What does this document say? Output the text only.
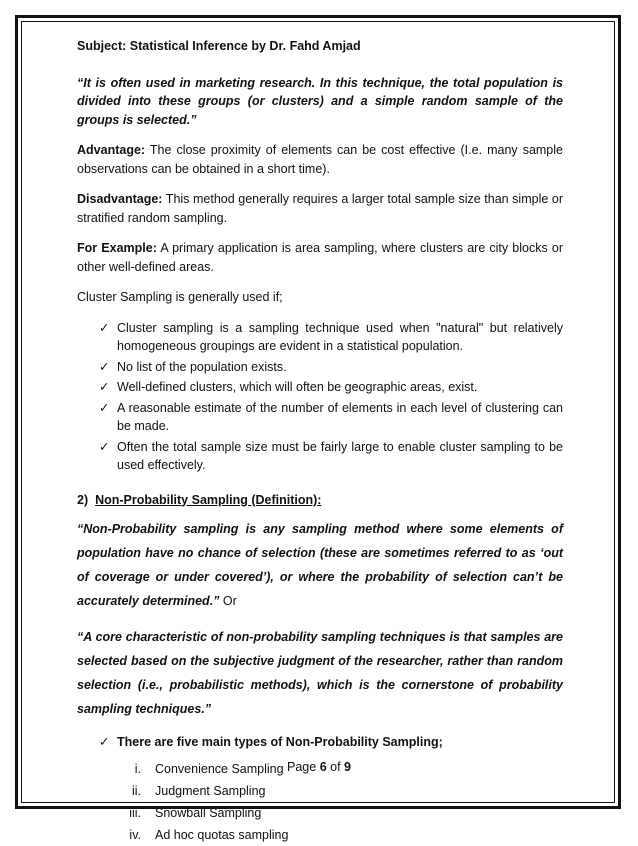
Subject: Statistical Inference by Dr. Fahd Amjad

“It is often used in marketing research. In this technique, the total population is divided into these groups (or clusters) and a simple random sample of the groups is selected.”

Advantage: The close proximity of elements can be cost effective (I.e. many sample observations can be obtained in a short time).

Disadvantage: This method generally requires a larger total sample size than simple or stratified random sampling.

For Example: A primary application is area sampling, where clusters are city blocks or other well-defined areas.

Cluster Sampling is generally used if;

✓ Cluster sampling is a sampling technique used when "natural" but relatively homogeneous groupings are evident in a statistical population.
✓ No list of the population exists.
✓ Well-defined clusters, which will often be geographic areas, exist.
✓ A reasonable estimate of the number of elements in each level of clustering can be made.
✓ Often the total sample size must be fairly large to enable cluster sampling to be used effectively.

2) Non-Probability Sampling (Definition):

“Non-Probability sampling is any sampling method where some elements of population have no chance of selection (these are sometimes referred to as ‘out of coverage or under covered’), or where the probability of selection can’t be accurately determined.” Or

“A core characteristic of non-probability sampling techniques is that samples are selected based on the subjective judgment of the researcher, rather than random selection (i.e., probabilistic methods), which is the cornerstone of probability sampling techniques.”

✓ There are five main types of Non-Probability Sampling;
i. Convenience Sampling
ii. Judgment Sampling
iii. Snowball Sampling
iv. Ad hoc quotas sampling
Page 6 of 9
